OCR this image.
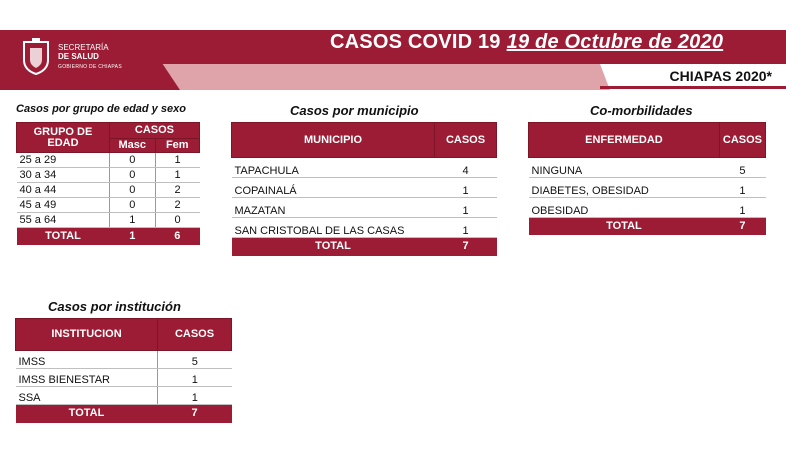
SECRETARÍA
DE SALUD
GOBIERNO DE CHIAPAS
CASOS COVID 19 19 de Octubre de 2020
CHIAPAS 2020*
Casos por grupo de edad y sexo
GRUPO DE EDAD	CASOS	
	Masc	Fem
25 a 29	0	1
30 a 34	0	1
40 a 44	0	2
45 a 49	0	2
55 a 64	1	0
TOTAL	1	6
Casos por municipio
MUNICIPIO	CASOS
TAPACHULA	4
COPAINALÁ	1
MAZATAN	1
SAN CRISTOBAL DE LAS CASAS	1
TOTAL	7
Co-morbilidades
ENFERMEDAD	CASOS
NINGUNA	5
DIABETES, OBESIDAD	1
OBESIDAD	1
TOTAL	7
Casos por institución
INSTITUCION	CASOS
IMSS	5
IMSS BIENESTAR	1
SSA	1
TOTAL	7
